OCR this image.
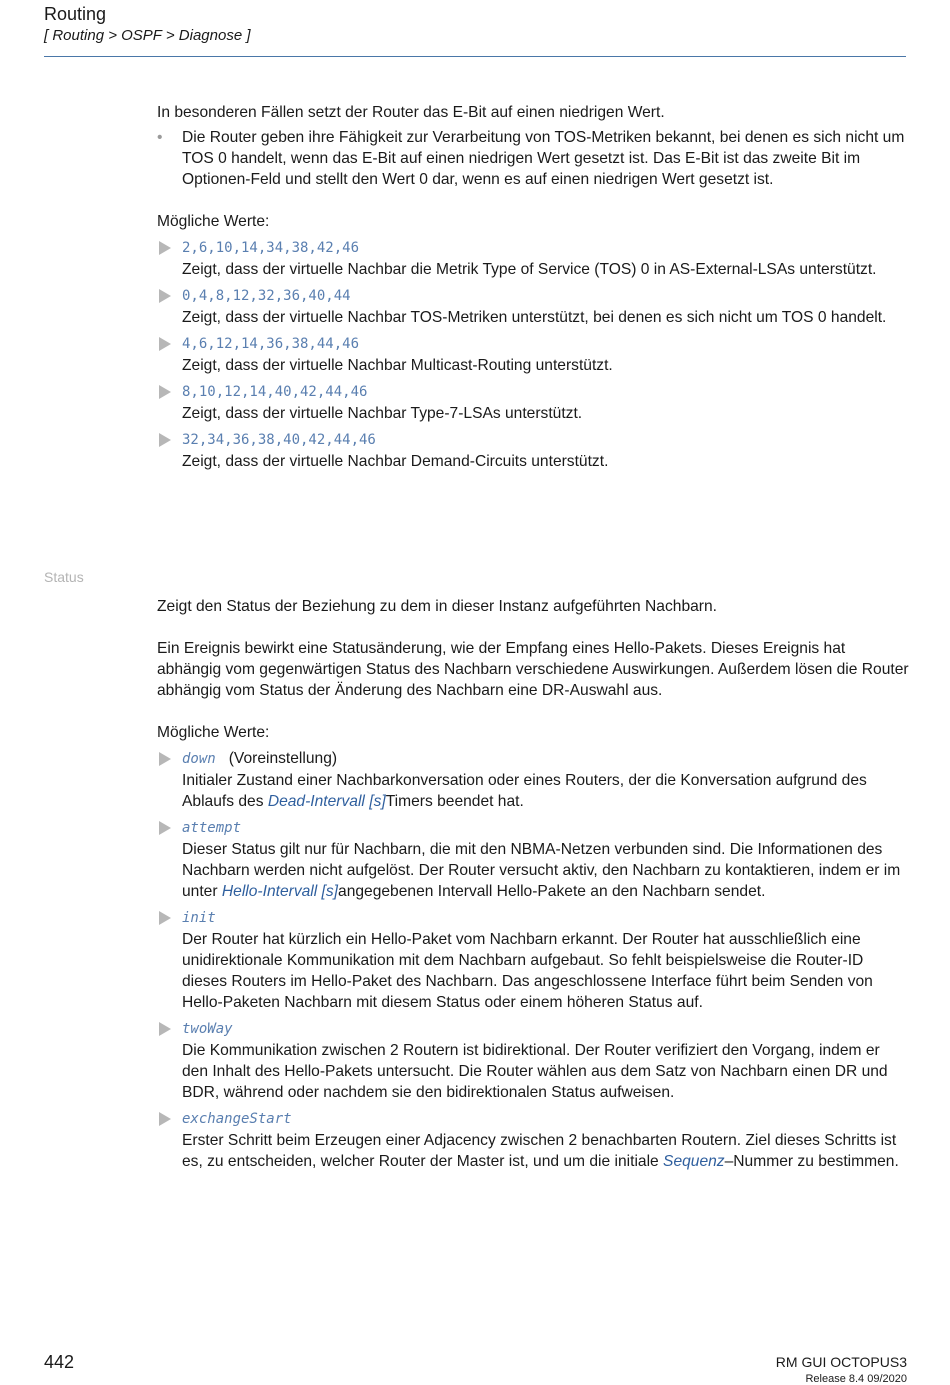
Routing
[ Routing > OSPF > Diagnose ]

In besonderen Fällen setzt der Router das E-Bit auf einen niedrigen Wert.

• Die Router geben ihre Fähigkeit zur Verarbeitung von TOS-Metriken bekannt, bei denen es sich nicht um TOS 0 handelt, wenn das E-Bit auf einen niedrigen Wert gesetzt ist. Das E-Bit ist das zweite Bit im Optionen-Feld und stellt den Wert 0 dar, wenn es auf einen niedrigen Wert gesetzt ist.

Mögliche Werte:

2,6,10,14,34,38,42,46
Zeigt, dass der virtuelle Nachbar die Metrik Type of Service (TOS) 0 in AS-External-LSAs unterstützt.
0,4,8,12,32,36,40,44
Zeigt, dass der virtuelle Nachbar TOS-Metriken unterstützt, bei denen es sich nicht um TOS 0 handelt.
4,6,12,14,36,38,44,46
Zeigt, dass der virtuelle Nachbar Multicast-Routing unterstützt.
8,10,12,14,40,42,44,46
Zeigt, dass der virtuelle Nachbar Type-7-LSAs unterstützt.
32,34,36,38,40,42,44,46
Zeigt, dass der virtuelle Nachbar Demand-Circuits unterstützt.
Status

Zeigt den Status der Beziehung zu dem in dieser Instanz aufgeführten Nachbarn.

Ein Ereignis bewirkt eine Statusänderung, wie der Empfang eines Hello-Pakets. Dieses Ereignis hat abhängig vom gegenwärtigen Status des Nachbarn verschiedene Auswirkungen. Außerdem lösen die Router abhängig vom Status der Änderung des Nachbarn eine DR-Auswahl aus.

Mögliche Werte:

down (Voreinstellung)
Initialer Zustand einer Nachbarkonversation oder eines Routers, der die Konversation aufgrund des Ablaufs des Dead-Intervall [s]Timers beendet hat.
attempt
Dieser Status gilt nur für Nachbarn, die mit den NBMA-Netzen verbunden sind. Die Informationen des Nachbarn werden nicht aufgelöst. Der Router versucht aktiv, den Nachbarn zu kontaktieren, indem er im unter Hello-Intervall [s]angegebenen Intervall Hello-Pakete an den Nachbarn sendet.
init
Der Router hat kürzlich ein Hello-Paket vom Nachbarn erkannt. Der Router hat ausschließlich eine unidirektionale Kommunikation mit dem Nachbarn aufgebaut. So fehlt beispielsweise die Router-ID dieses Routers im Hello-Paket des Nachbarn. Das angeschlossene Interface führt beim Senden von Hello-Paketen Nachbarn mit diesem Status oder einem höheren Status auf.
twoWay
Die Kommunikation zwischen 2 Routern ist bidirektional. Der Router verifiziert den Vorgang, indem er den Inhalt des Hello-Pakets untersucht. Die Router wählen aus dem Satz von Nachbarn einen DR und BDR, während oder nachdem sie den bidirektionalen Status aufweisen.
exchangeStart
Erster Schritt beim Erzeugen einer Adjacency zwischen 2 benachbarten Routern. Ziel dieses Schritts ist es, zu entscheiden, welcher Router der Master ist, und um die initiale Sequenz–Nummer zu bestimmen.
442	RM GUI OCTOPUS3
Release 8.4 09/2020
